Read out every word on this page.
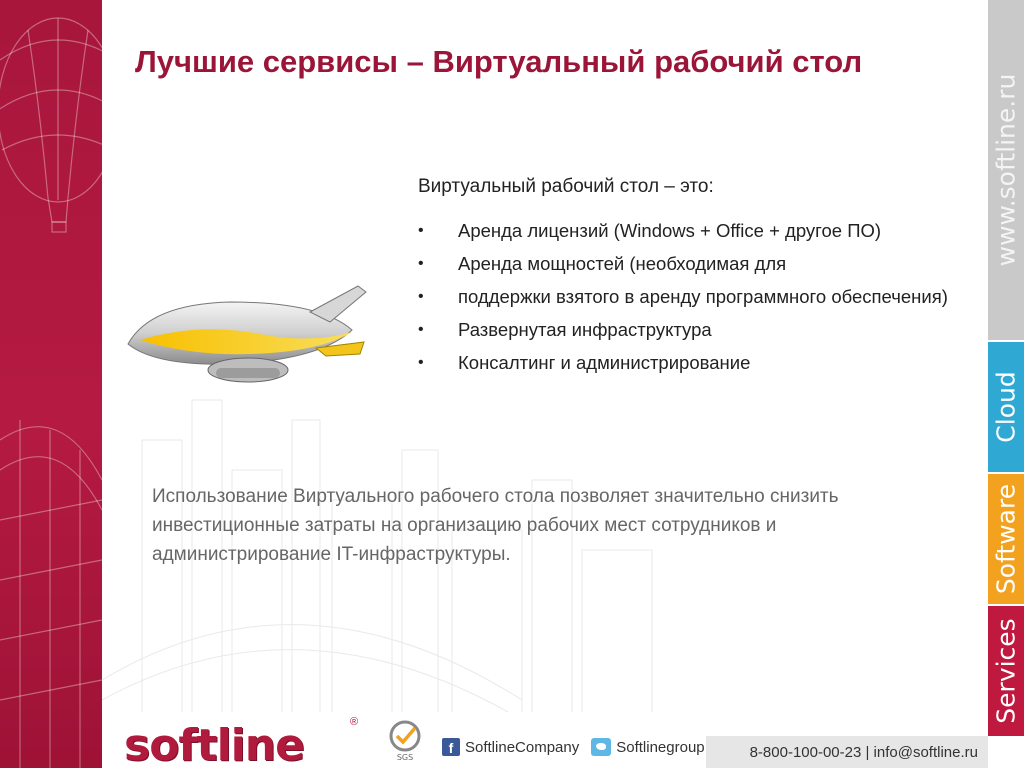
Лучшие сервисы – Виртуальный рабочий стол
Виртуальный рабочий стол – это:
• Аренда лицензий (Windows + Office + другое ПО)
• Аренда мощностей (необходимая для
• поддержки взятого в аренду программного обеспечения)
• Развернутая инфраструктура
• Консалтинг и администрирование
Использование Виртуального рабочего стола позволяет значительно снизить инвестиционные затраты на организацию рабочих мест сотрудников и администрирование IT-инфраструктуры.
www.softline.ru
Cloud
Software
Services
softline	®
SGS
f SoftlineCompany Softlinegroup	8-800-100-00-23 | info@softline.ru
